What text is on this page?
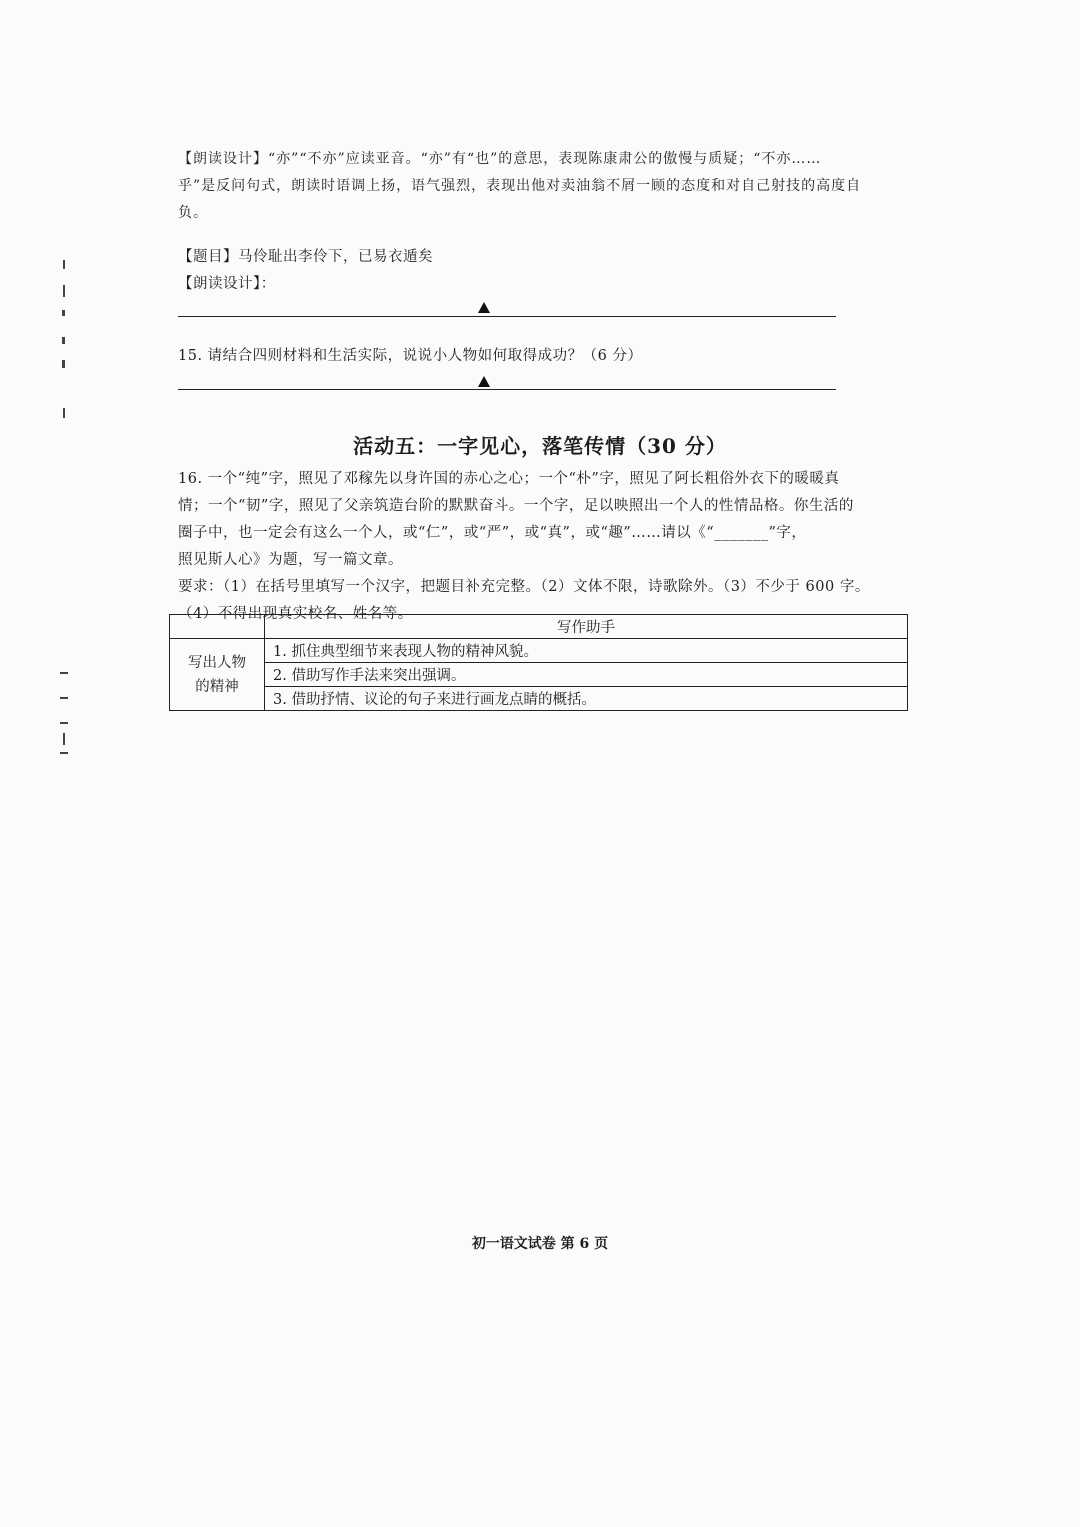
【朗读设计】“亦”“不亦”应读亚音。“亦”有“也”的意思，表现陈康肃公的傲慢与质疑；“不亦……
乎”是反问句式，朗读时语调上扬，语气强烈，表现出他对卖油翁不屑一顾的态度和对自己射技的高度自
负。
【题目】马伶耻出李伶下，已易衣遁矣
【朗读设计】：
15. 请结合四则材料和生活实际，说说小人物如何取得成功？（6 分）
活动五：一字见心，落笔传情（30 分）
16. 一个“纯”字，照见了邓稼先以身许国的赤心之心；一个“朴”字，照见了阿长粗俗外衣下的暖暖真
情；一个“韧”字，照见了父亲筑造台阶的默默奋斗。一个字，足以映照出一个人的性情品格。你生活的
圈子中，也一定会有这么一个人，或“仁”，或“严”，或“真”，或“趣”……请以《“_______”字，
照见斯人心》为题，写一篇文章。
要求：（1）在括号里填写一个汉字，把题目补充完整。（2）文体不限，诗歌除外。（3）不少于 600 字。
（4）不得出现真实校名、姓名等。
	写作助手
写出人物的精神	1. 抓住典型细节来表现人物的精神风貌。
	2. 借助写作手法来突出强调。
	3. 借助抒情、议论的句子来进行画龙点睛的概括。
初一语文试卷 第 6 页
